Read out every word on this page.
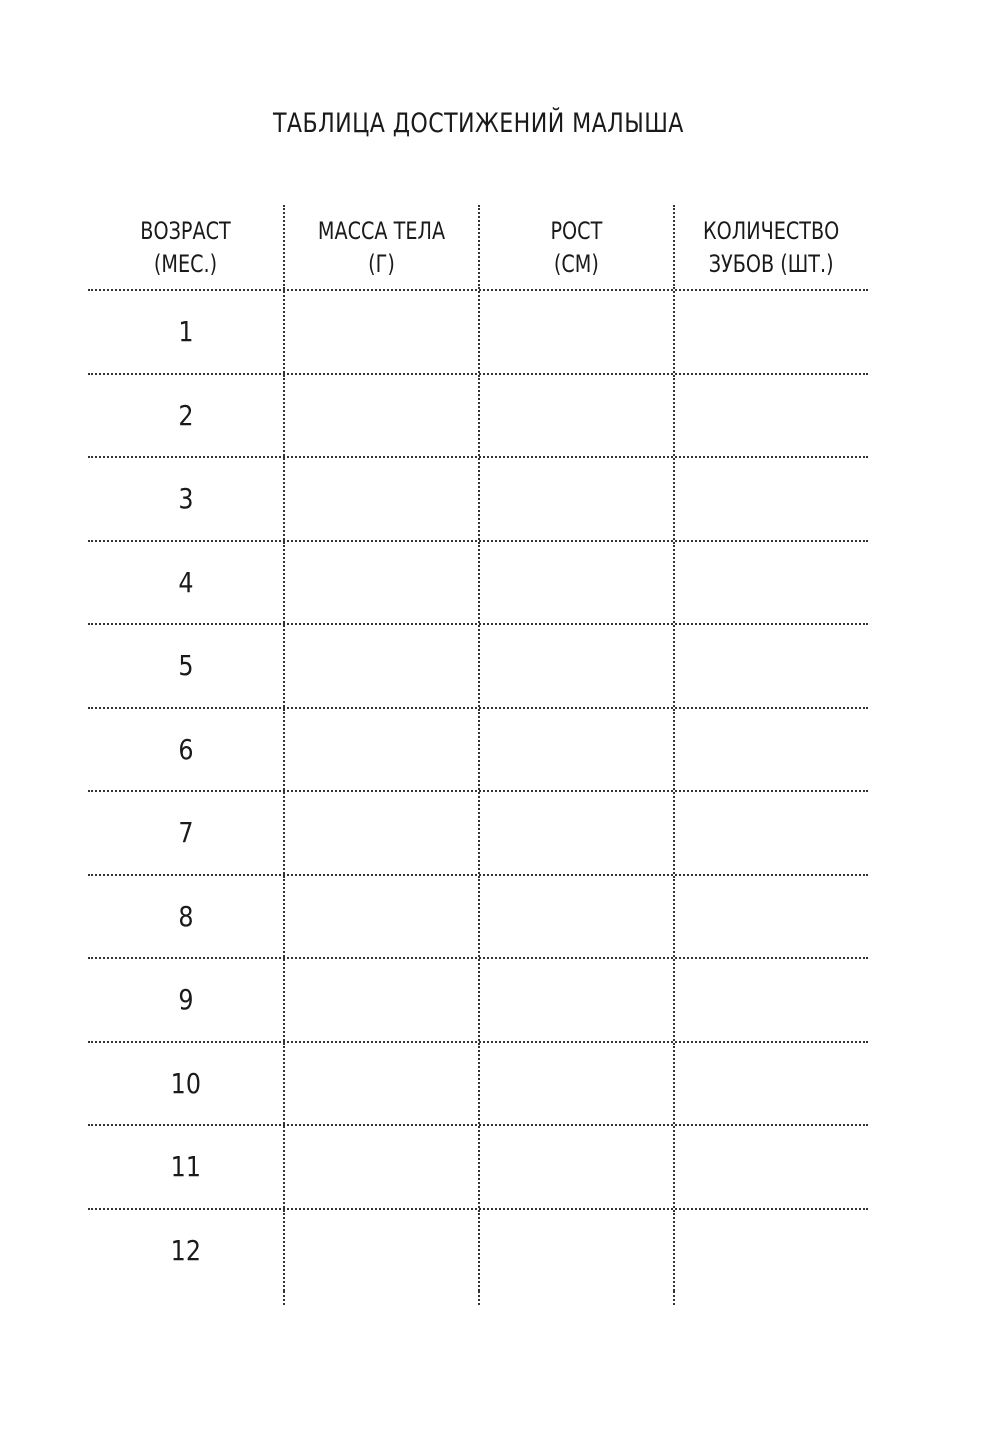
ТАБЛИЦА ДОСТИЖЕНИЙ МАЛЫША
ВОЗРАСТ
(МЕС.)
МАССА ТЕЛА
(Г)
РОСТ
(СМ)
КОЛИЧЕСТВО
ЗУБОВ (ШТ.)
1
2
3
4
5
6
7
8
9
10
11
12
